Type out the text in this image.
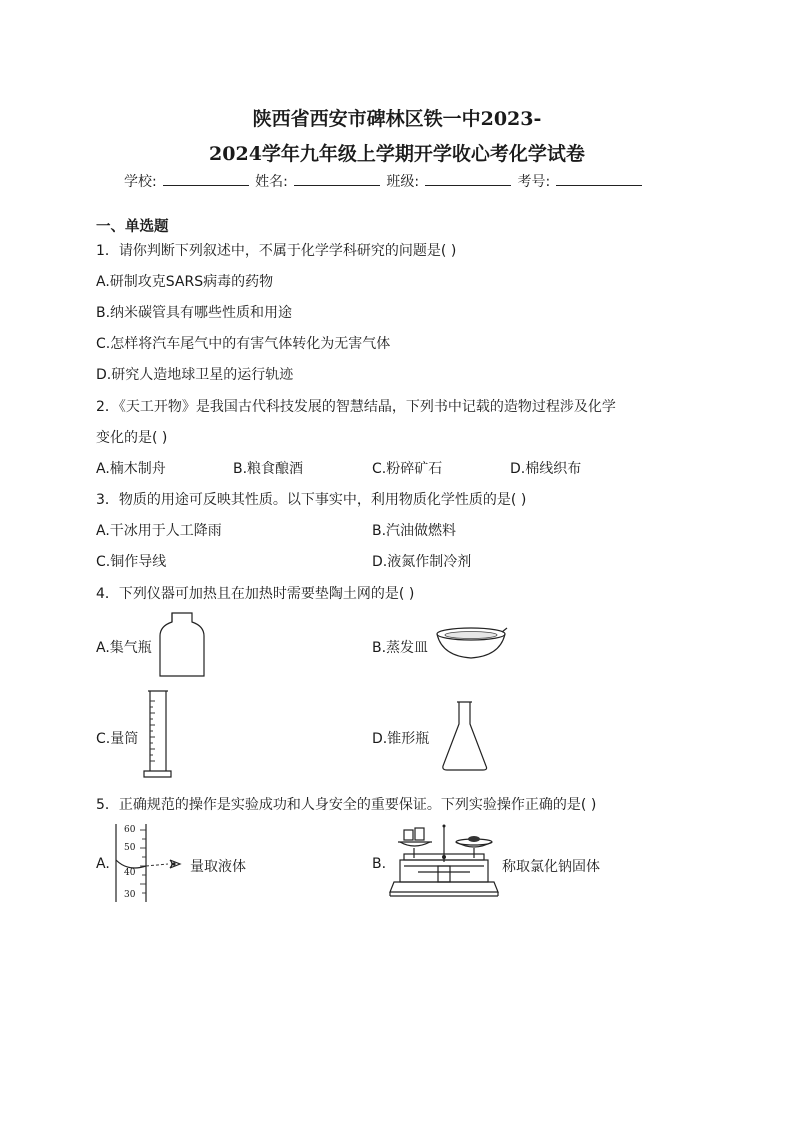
陕西省西安市碑林区铁一中2023-
2024学年九年级上学期开学收心考化学试卷
学校:	姓名:	班级:	考号:
一、单选题
1．请你判断下列叙述中，不属于化学学科研究的问题是( )
A.研制攻克SARS病毒的药物
B.纳米碳管具有哪些性质和用途
C.怎样将汽车尾气中的有害气体转化为无害气体
D.研究人造地球卫星的运行轨迹
2．《天工开物》是我国古代科技发展的智慧结晶，下列书中记载的造物过程涉及化学
变化的是( )
A.楠木制舟	B.粮食酿酒	C.粉碎矿石	D.棉线织布
3．物质的用途可反映其性质。以下事实中，利用物质化学性质的是( )
A.干冰用于人工降雨	B.汽油做燃料
C.铜作导线	D.液氮作制冷剂
4．下列仪器可加热且在加热时需要垫陶土网的是( )
A.集气瓶	B.蒸发皿
C.量筒	D.锥形瓶
5．正确规范的操作是实验成功和人身安全的重要保证。下列实验操作正确的是( )
A.
60
50
40
30
量取液体	B.	称取氯化钠固体
